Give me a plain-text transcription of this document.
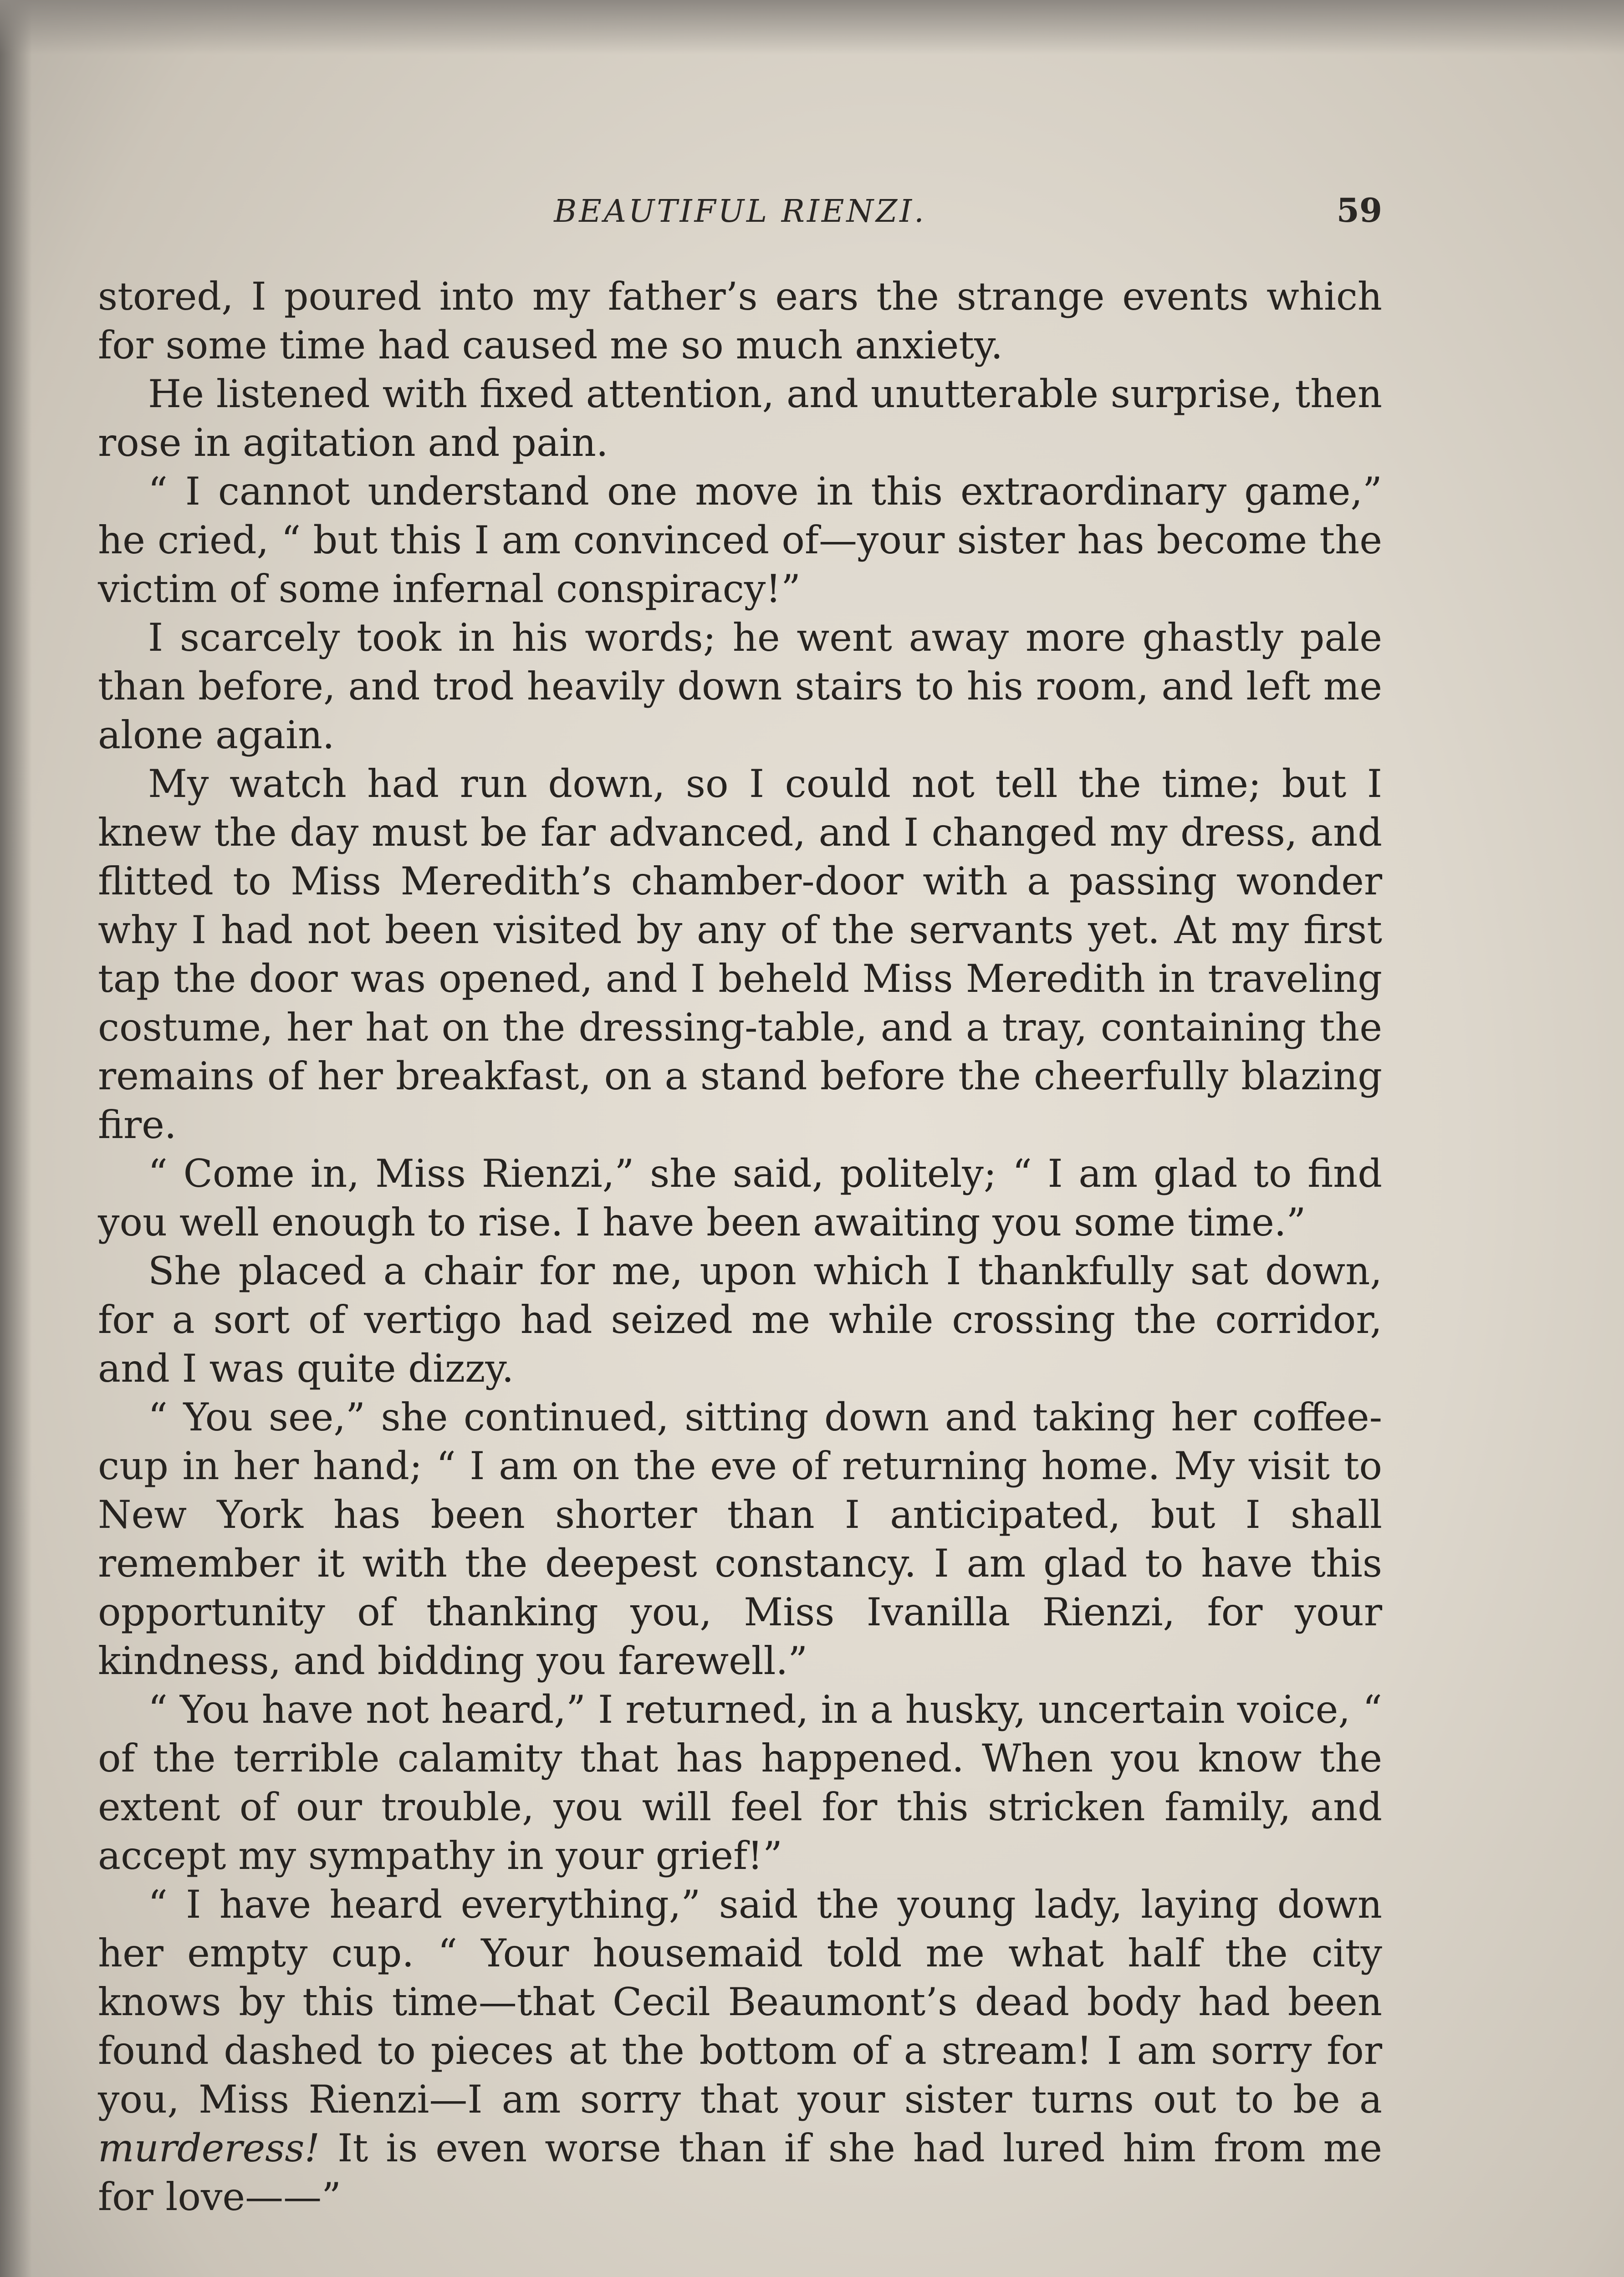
BEAUTIFUL RIENZI.	59

stored, I poured into my father’s ears the strange events which for some time had caused me so much anxiety.

He listened with fixed attention, and unutterable surprise, then rose in agitation and pain.

“ I cannot understand one move in this extraordinary game,” he cried, “ but this I am convinced of—your sister has become the victim of some infernal conspiracy!”

I scarcely took in his words; he went away more ghastly pale than before, and trod heavily down stairs to his room, and left me alone again.

My watch had run down, so I could not tell the time; but I knew the day must be far advanced, and I changed my dress, and flitted to Miss Meredith’s chamber-door with a passing wonder why I had not been visited by any of the servants yet. At my first tap the door was opened, and I beheld Miss Meredith in traveling costume, her hat on the dressing-table, and a tray, containing the remains of her breakfast, on a stand before the cheerfully blazing fire.

“ Come in, Miss Rienzi,” she said, politely; “ I am glad to find you well enough to rise. I have been awaiting you some time.”

She placed a chair for me, upon which I thankfully sat down, for a sort of vertigo had seized me while crossing the corridor, and I was quite dizzy.

“ You see,” she continued, sitting down and taking her coffee-cup in her hand; “ I am on the eve of returning home. My visit to New York has been shorter than I anticipated, but I shall remember it with the deepest constancy. I am glad to have this opportunity of thanking you, Miss Ivanilla Rienzi, for your kindness, and bidding you farewell.”

“ You have not heard,” I returned, in a husky, uncertain voice, “ of the terrible calamity that has happened. When you know the extent of our trouble, you will feel for this stricken family, and accept my sympathy in your grief!”

“ I have heard everything,” said the young lady, laying down her empty cup. “ Your housemaid told me what half the city knows by this time—that Cecil Beaumont’s dead body had been found dashed to pieces at the bottom of a stream! I am sorry for you, Miss Rienzi—I am sorry that your sister turns out to be a murderess! It is even worse than if she had lured him from me for love——”
